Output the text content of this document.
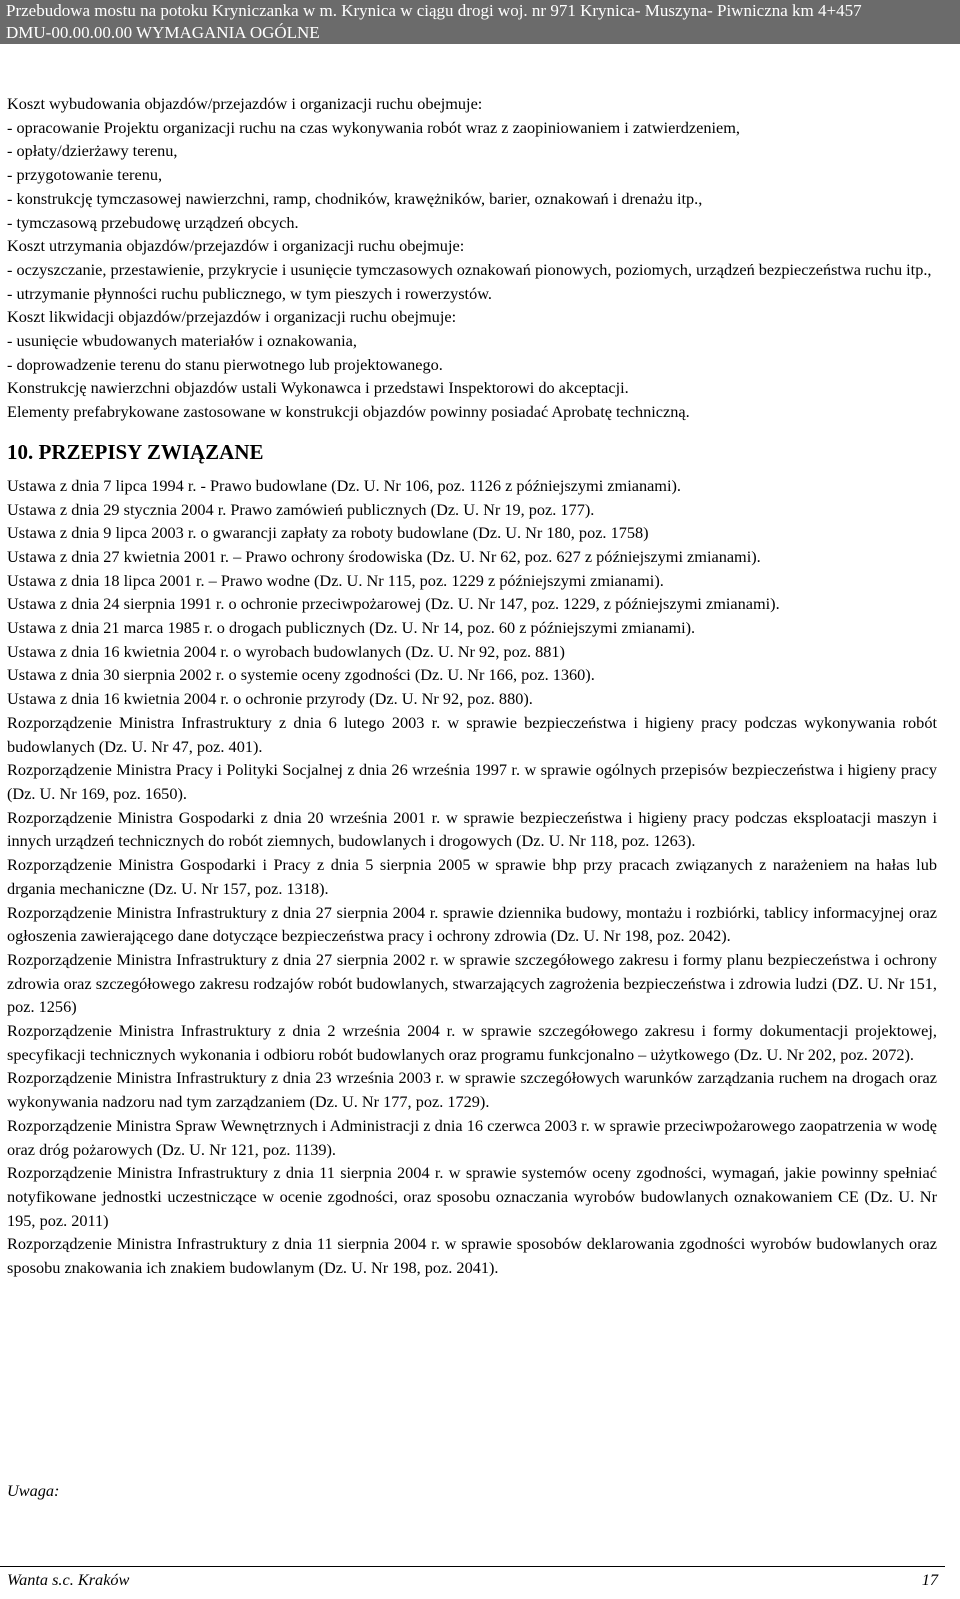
Przebudowa mostu na potoku Kryniczanka w m. Krynica w ciągu drogi woj. nr 971 Krynica- Muszyna- Piwniczna km 4+457
DMU-00.00.00.00 WYMAGANIA OGÓLNE

Koszt wybudowania objazdów/przejazdów i organizacji ruchu obejmuje:

- opracowanie Projektu organizacji ruchu na czas wykonywania robót wraz z zaopiniowaniem i zatwierdzeniem,

- opłaty/dzierżawy terenu,

- przygotowanie terenu,

- konstrukcję tymczasowej nawierzchni, ramp, chodników, krawężników, barier, oznakowań i drenażu itp.,

- tymczasową przebudowę urządzeń obcych.

Koszt utrzymania objazdów/przejazdów i organizacji ruchu obejmuje:

- oczyszczanie, przestawienie, przykrycie i usunięcie tymczasowych oznakowań pionowych, poziomych, urządzeń bezpieczeństwa ruchu itp.,

- utrzymanie płynności ruchu publicznego, w tym pieszych i rowerzystów.

Koszt likwidacji objazdów/przejazdów i organizacji ruchu obejmuje:

- usunięcie wbudowanych materiałów i oznakowania,

- doprowadzenie terenu do stanu pierwotnego lub projektowanego.

Konstrukcję nawierzchni objazdów ustali Wykonawca i przedstawi Inspektorowi do akceptacji.

Elementy prefabrykowane zastosowane w konstrukcji objazdów powinny posiadać Aprobatę techniczną.

10. PRZEPISY ZWIĄZANE

Ustawa z dnia 7 lipca 1994 r. - Prawo budowlane (Dz. U. Nr 106, poz. 1126 z późniejszymi zmianami).

Ustawa z dnia 29 stycznia 2004 r. Prawo zamówień publicznych (Dz. U. Nr 19, poz. 177).

Ustawa z dnia 9 lipca 2003 r. o gwarancji zapłaty za roboty budowlane (Dz. U. Nr 180, poz. 1758)

Ustawa z dnia 27 kwietnia 2001 r. – Prawo ochrony środowiska (Dz. U. Nr 62, poz. 627 z późniejszymi zmianami).

Ustawa z dnia 18 lipca 2001 r. – Prawo wodne (Dz. U. Nr 115, poz. 1229 z późniejszymi zmianami).

Ustawa z dnia 24 sierpnia 1991 r. o ochronie przeciwpożarowej (Dz. U. Nr 147, poz. 1229, z późniejszymi zmianami).

Ustawa z dnia 21 marca 1985 r. o drogach publicznych (Dz. U. Nr 14, poz. 60 z późniejszymi zmianami).

Ustawa z dnia 16 kwietnia 2004 r. o wyrobach budowlanych (Dz. U. Nr 92, poz. 881)

Ustawa z dnia 30 sierpnia 2002 r. o systemie oceny zgodności (Dz. U. Nr 166, poz. 1360).

Ustawa z dnia 16 kwietnia 2004 r. o ochronie przyrody (Dz. U. Nr 92, poz. 880).

Rozporządzenie Ministra Infrastruktury z dnia 6 lutego 2003 r. w sprawie bezpieczeństwa i higieny pracy podczas wykonywania robót budowlanych (Dz. U. Nr 47, poz. 401).

Rozporządzenie Ministra Pracy i Polityki Socjalnej z dnia 26 września 1997 r. w sprawie ogólnych przepisów bezpieczeństwa i higieny pracy (Dz. U. Nr 169, poz. 1650).

Rozporządzenie Ministra Gospodarki z dnia 20 września 2001 r. w sprawie bezpieczeństwa i higieny pracy podczas eksploatacji maszyn i innych urządzeń technicznych do robót ziemnych, budowlanych i drogowych (Dz. U. Nr 118, poz. 1263).

Rozporządzenie Ministra Gospodarki i Pracy z dnia 5 sierpnia 2005 w sprawie bhp przy pracach związanych z narażeniem na hałas lub drgania mechaniczne (Dz. U. Nr 157, poz. 1318).

Rozporządzenie Ministra Infrastruktury z dnia 27 sierpnia 2004 r. sprawie dziennika budowy, montażu i rozbiórki, tablicy informacyjnej oraz ogłoszenia zawierającego dane dotyczące bezpieczeństwa pracy i ochrony zdrowia (Dz. U. Nr 198, poz. 2042).

Rozporządzenie Ministra Infrastruktury z dnia 27 sierpnia 2002 r. w sprawie szczegółowego zakresu i formy planu bezpieczeństwa i ochrony zdrowia oraz szczegółowego zakresu rodzajów robót budowlanych, stwarzających zagrożenia bezpieczeństwa i zdrowia ludzi (DZ. U. Nr 151, poz. 1256)

Rozporządzenie Ministra Infrastruktury z dnia 2 września 2004 r. w sprawie szczegółowego zakresu i formy dokumentacji projektowej, specyfikacji technicznych wykonania i odbioru robót budowlanych oraz programu funkcjonalno – użytkowego (Dz. U. Nr 202, poz. 2072).

Rozporządzenie Ministra Infrastruktury z dnia 23 września 2003 r. w sprawie szczegółowych warunków zarządzania ruchem na drogach oraz wykonywania nadzoru nad tym zarządzaniem (Dz. U. Nr 177, poz. 1729).

Rozporządzenie Ministra Spraw Wewnętrznych i Administracji z dnia 16 czerwca 2003 r. w sprawie przeciwpożarowego zaopatrzenia w wodę oraz dróg pożarowych (Dz. U. Nr 121, poz. 1139).

Rozporządzenie Ministra Infrastruktury z dnia 11 sierpnia 2004 r. w sprawie systemów oceny zgodności, wymagań, jakie powinny spełniać notyfikowane jednostki uczestniczące w ocenie zgodności, oraz sposobu oznaczania wyrobów budowlanych oznakowaniem CE (Dz. U. Nr 195, poz. 2011)

Rozporządzenie Ministra Infrastruktury z dnia 11 sierpnia 2004 r. w sprawie sposobów deklarowania zgodności wyrobów budowlanych oraz sposobu znakowania ich znakiem budowlanym (Dz. U. Nr 198, poz. 2041).

Uwaga:
Wanta s.c. Kraków	17
